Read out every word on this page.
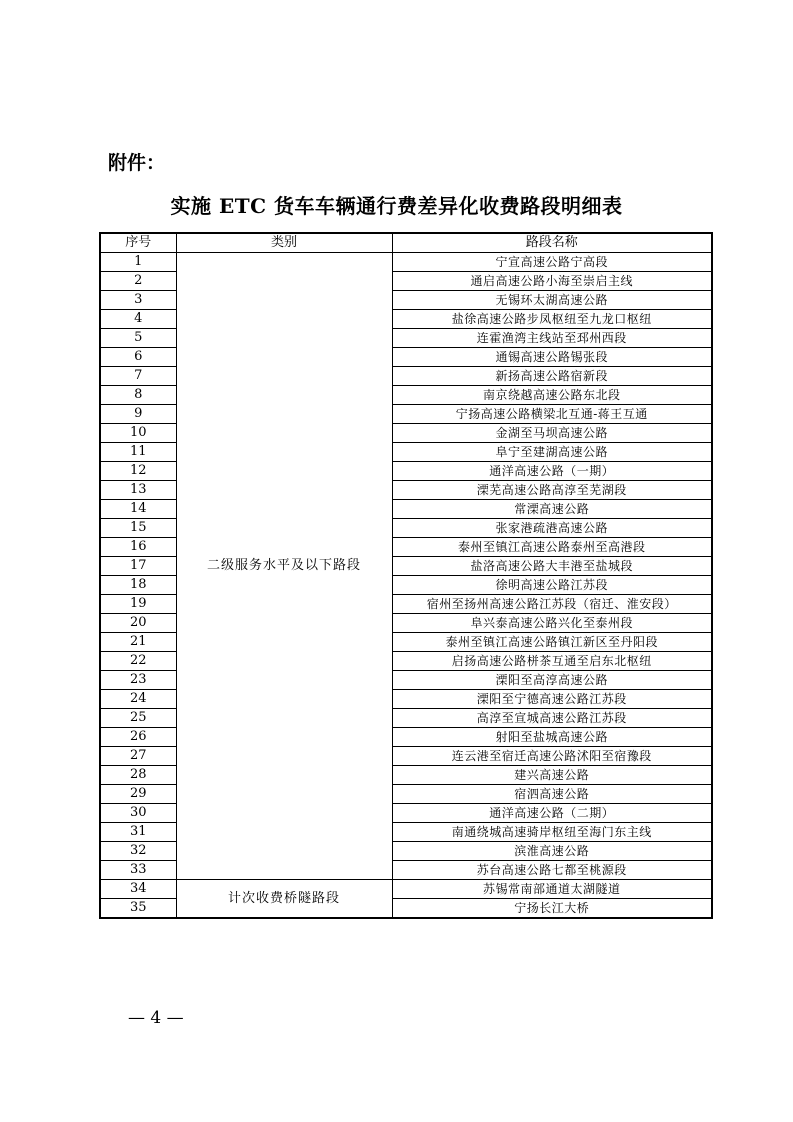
附件：
实施 ETC 货车车辆通行费差异化收费路段明细表
序号	类别	路段名称
1	二级服务水平及以下路段	宁宣高速公路宁高段
2		通启高速公路小海至崇启主线
3		无锡环太湖高速公路
4		盐徐高速公路步凤枢纽至九龙口枢纽
5		连霍渔湾主线站至邳州西段
6		通锡高速公路锡张段
7		新扬高速公路宿新段
8		南京绕越高速公路东北段
9		宁扬高速公路横梁北互通-蒋王互通
10		金湖至马坝高速公路
11		阜宁至建湖高速公路
12		通洋高速公路（一期）
13		溧芜高速公路高淳至芜湖段
14		常溧高速公路
15		张家港疏港高速公路
16		泰州至镇江高速公路泰州至高港段
17		盐洛高速公路大丰港至盐城段
18		徐明高速公路江苏段
19		宿州至扬州高速公路江苏段（宿迁、淮安段）
20		阜兴泰高速公路兴化至泰州段
21		泰州至镇江高速公路镇江新区至丹阳段
22		启扬高速公路栟茶互通至启东北枢纽
23		溧阳至高淳高速公路
24		溧阳至宁德高速公路江苏段
25		高淳至宣城高速公路江苏段
26		射阳至盐城高速公路
27		连云港至宿迁高速公路沭阳至宿豫段
28		建兴高速公路
29		宿泗高速公路
30		通洋高速公路（二期）
31		南通绕城高速骑岸枢纽至海门东主线
32		滨淮高速公路
33		苏台高速公路七都至桃源段
34	计次收费桥隧路段	苏锡常南部通道太湖隧道
35		宁扬长江大桥
— 4 —
